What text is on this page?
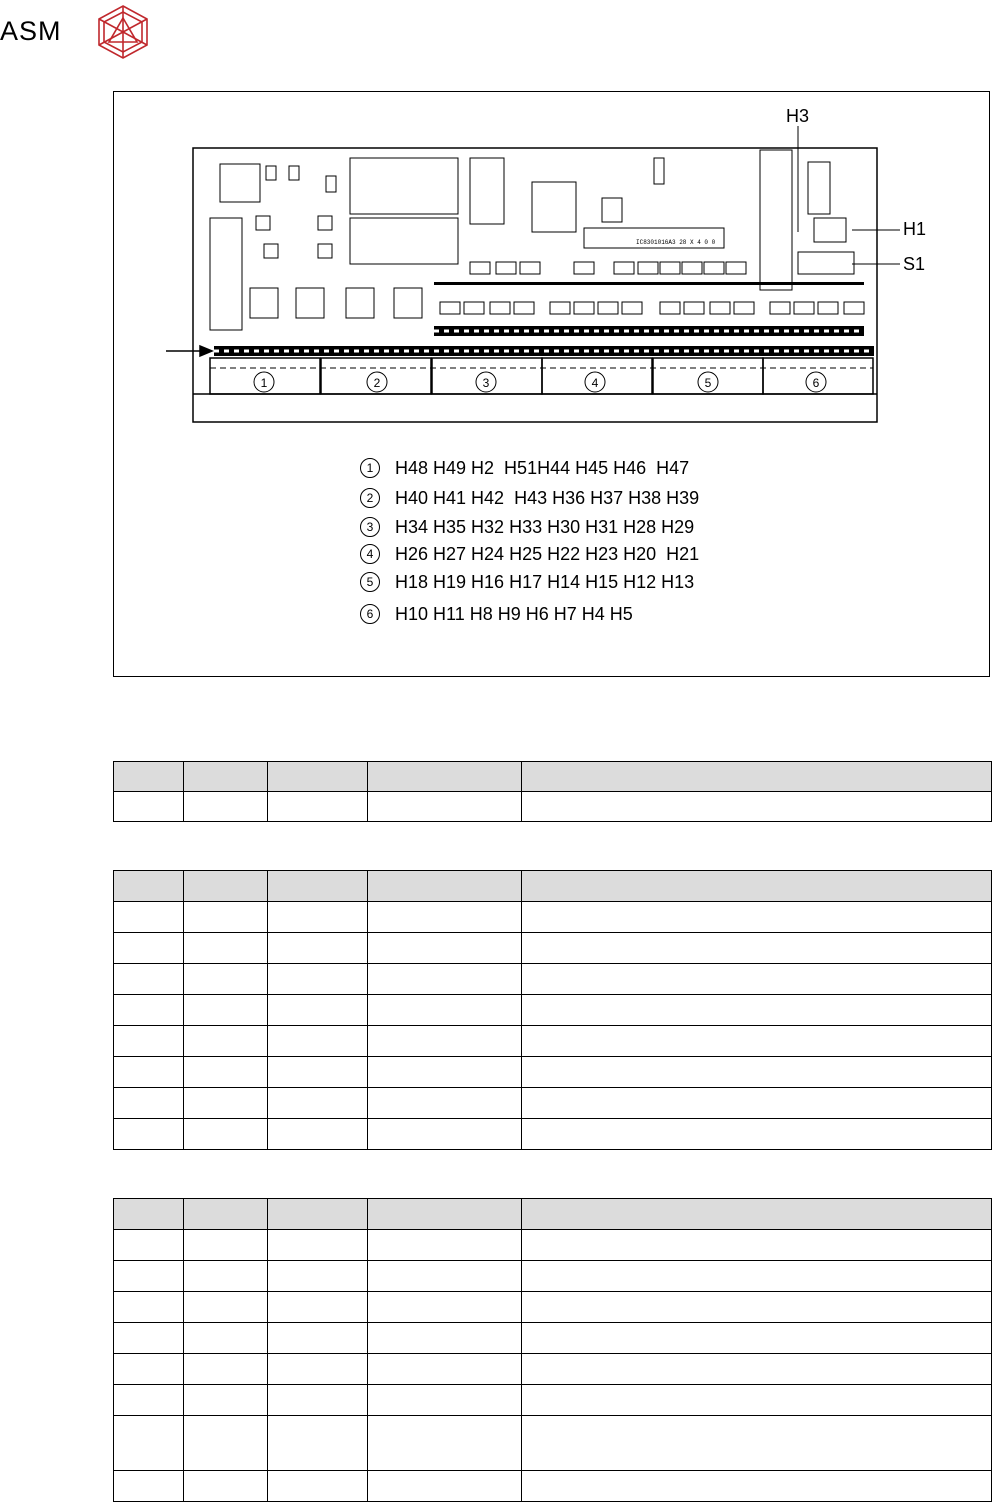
ASM
1	2	3	4	5	6
IC8301016A3 28 X 4 0 0
H3
H1
S1
1	H48 H49 H2  H51H44 H45 H46  H47
2	H40 H41 H42  H43 H36 H37 H38 H39
3	H34 H35 H32 H33 H30 H31 H28 H29
4	H26 H27 H24 H25 H22 H23 H20  H21
5	H18 H19 H16 H17 H14 H15 H12 H13
6	H10 H11 H8 H9 H6 H7 H4 H5
